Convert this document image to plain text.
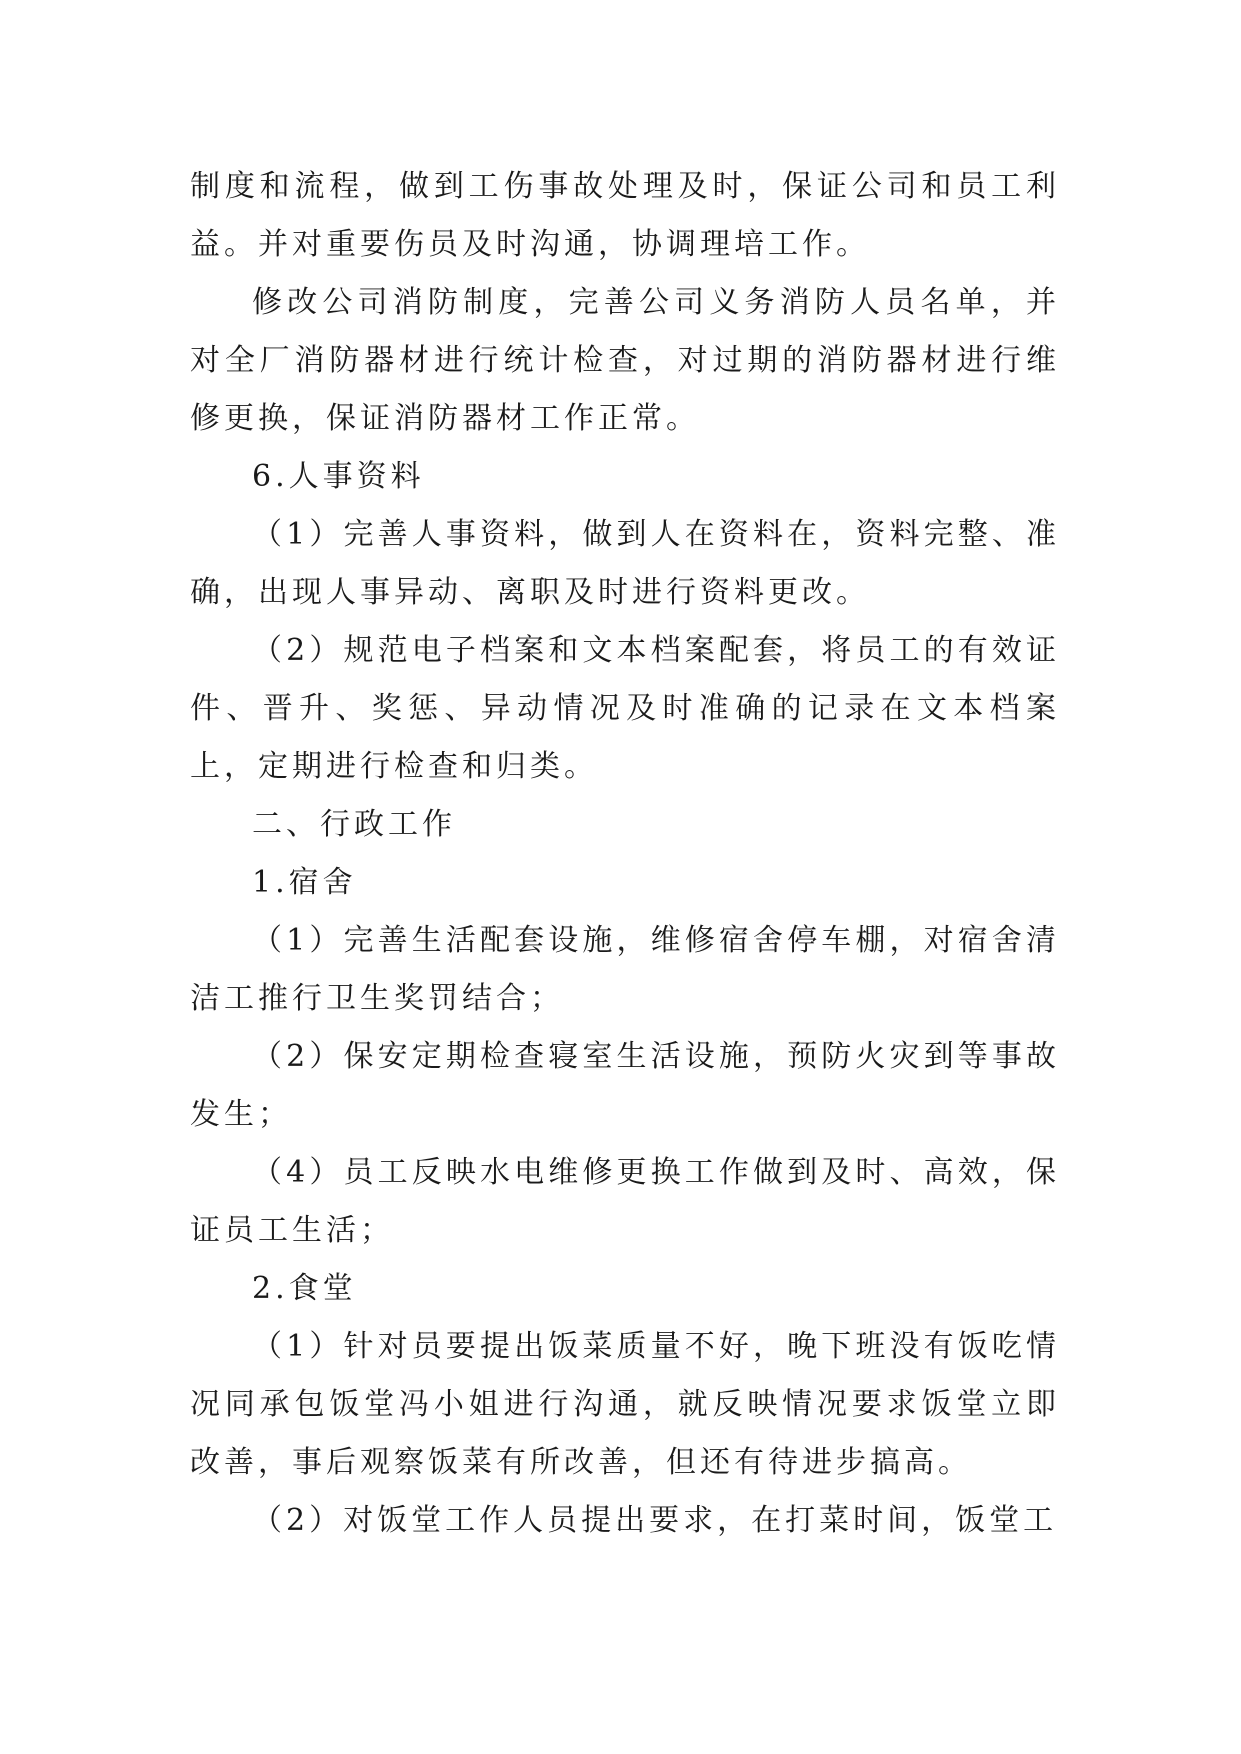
制度和流程，做到工伤事故处理及时，保证公司和员工利益。并对重要伤员及时沟通，协调理培工作。

修改公司消防制度，完善公司义务消防人员名单，并对全厂消防器材进行统计检查，对过期的消防器材进行维修更换，保证消防器材工作正常。

6.人事资料

（1）完善人事资料，做到人在资料在，资料完整、准确，出现人事异动、离职及时进行资料更改。

（2）规范电子档案和文本档案配套，将员工的有效证件、晋升、奖惩、异动情况及时准确的记录在文本档案上，定期进行检查和归类。

二、行政工作

1.宿舍

（1）完善生活配套设施，维修宿舍停车棚，对宿舍清洁工推行卫生奖罚结合；

（2）保安定期检查寝室生活设施，预防火灾到等事故发生；

（4）员工反映水电维修更换工作做到及时、高效，保证员工生活；

2.食堂

（1）针对员要提出饭菜质量不好，晚下班没有饭吃情况同承包饭堂冯小姐进行沟通，就反映情况要求饭堂立即改善，事后观察饭菜有所改善，但还有待进步搞高。

（2）对饭堂工作人员提出要求，在打菜时间，饭堂工
